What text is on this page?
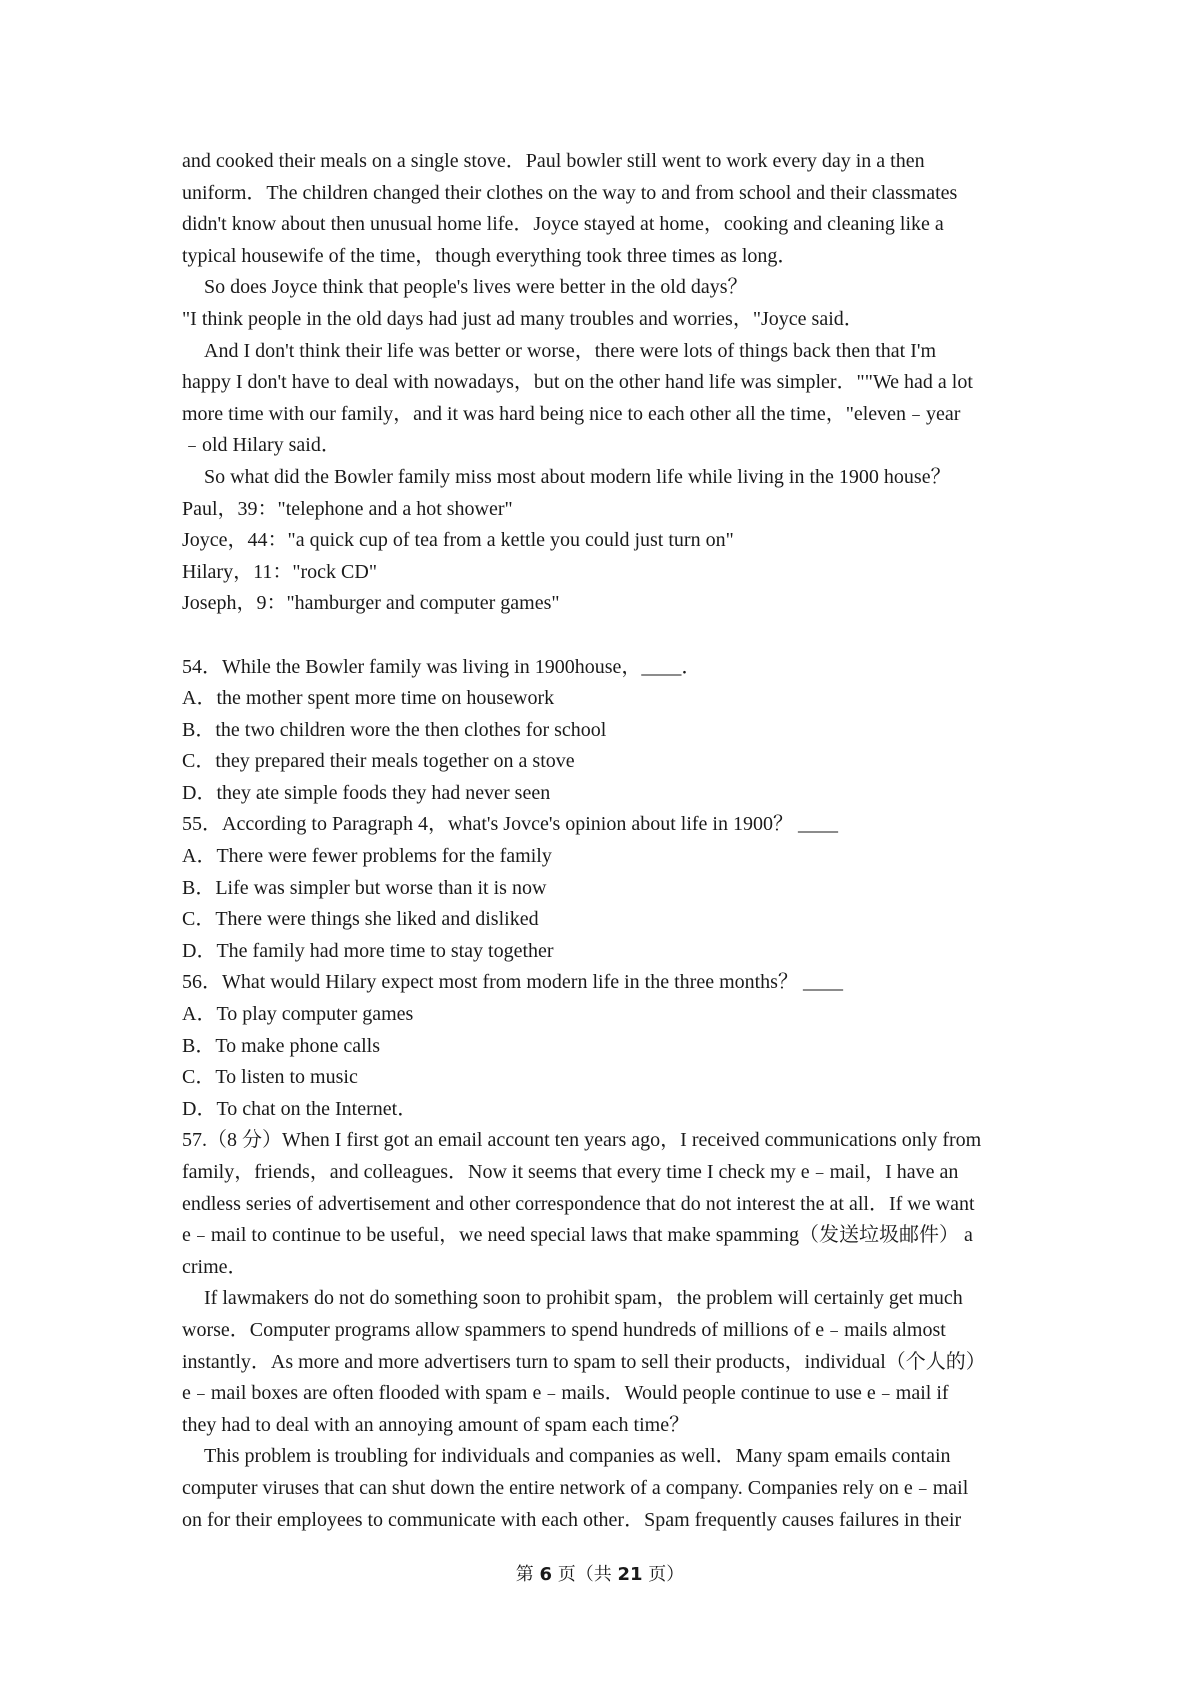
and cooked their meals on a single stove．Paul bowler still went to work every day in a then
uniform．The children changed their clothes on the way to and from school and their classmates
didn't know about then unusual home life．Joyce stayed at home，cooking and cleaning like a
typical housewife of the time，though everything took three times as long．
So does Joyce think that people's lives were better in the old days？
"I think people in the old days had just ad many troubles and worries，"Joyce said．
And I don't think their life was better or worse，there were lots of things back then that I'm
happy I don't have to deal with nowadays，but on the other hand life was simpler．""We had a lot
more time with our family，and it was hard being nice to each other all the time，"eleven﹣year
﹣old Hilary said．
So what did the Bowler family miss most about modern life while living in the 1900 house？
Paul，39："telephone and a hot shower"
Joyce，44："a quick cup of tea from a kettle you could just turn on"
Hilary，11："rock CD"
Joseph，9："hamburger and computer games"
54．While the Bowler family was living in 1900house，____．
A．the mother spent more time on housework
B．the two children wore the then clothes for school
C．they prepared their meals together on a stove
D．they ate simple foods they had never seen
55．According to Paragraph 4，what's Jovce's opinion about life in 1900？ ____
A．There were fewer problems for the family
B．Life was simpler but worse than it is now
C．There were things she liked and disliked
D．The family had more time to stay together
56．What would Hilary expect most from modern life in the three months？ ____
A．To play computer games
B．To make phone calls
C．To listen to music
D．To chat on the Internet．
57.（8 分）When I first got an email account ten years ago，I received communications only from
family，friends，and colleagues．Now it seems that every time I check my e﹣mail，I have an
endless series of advertisement and other correspondence that do not interest the at all．If we want
e﹣mail to continue to be useful，we need special laws that make spamming（发送垃圾邮件） a
crime．
If lawmakers do not do something soon to prohibit spam，the problem will certainly get much
worse．Computer programs allow spammers to spend hundreds of millions of e﹣mails almost
instantly．As more and more advertisers turn to spam to sell their products，individual（个人的）
e﹣mail boxes are often flooded with spam e﹣mails．Would people continue to use e﹣mail if
they had to deal with an annoying amount of spam each time？
This problem is troubling for individuals and companies as well．Many spam emails contain
computer viruses that can shut down the entire network of a company. Companies rely on e﹣mail
on for their employees to communicate with each other．Spam frequently causes failures in their
第 6 页（共 21 页）
